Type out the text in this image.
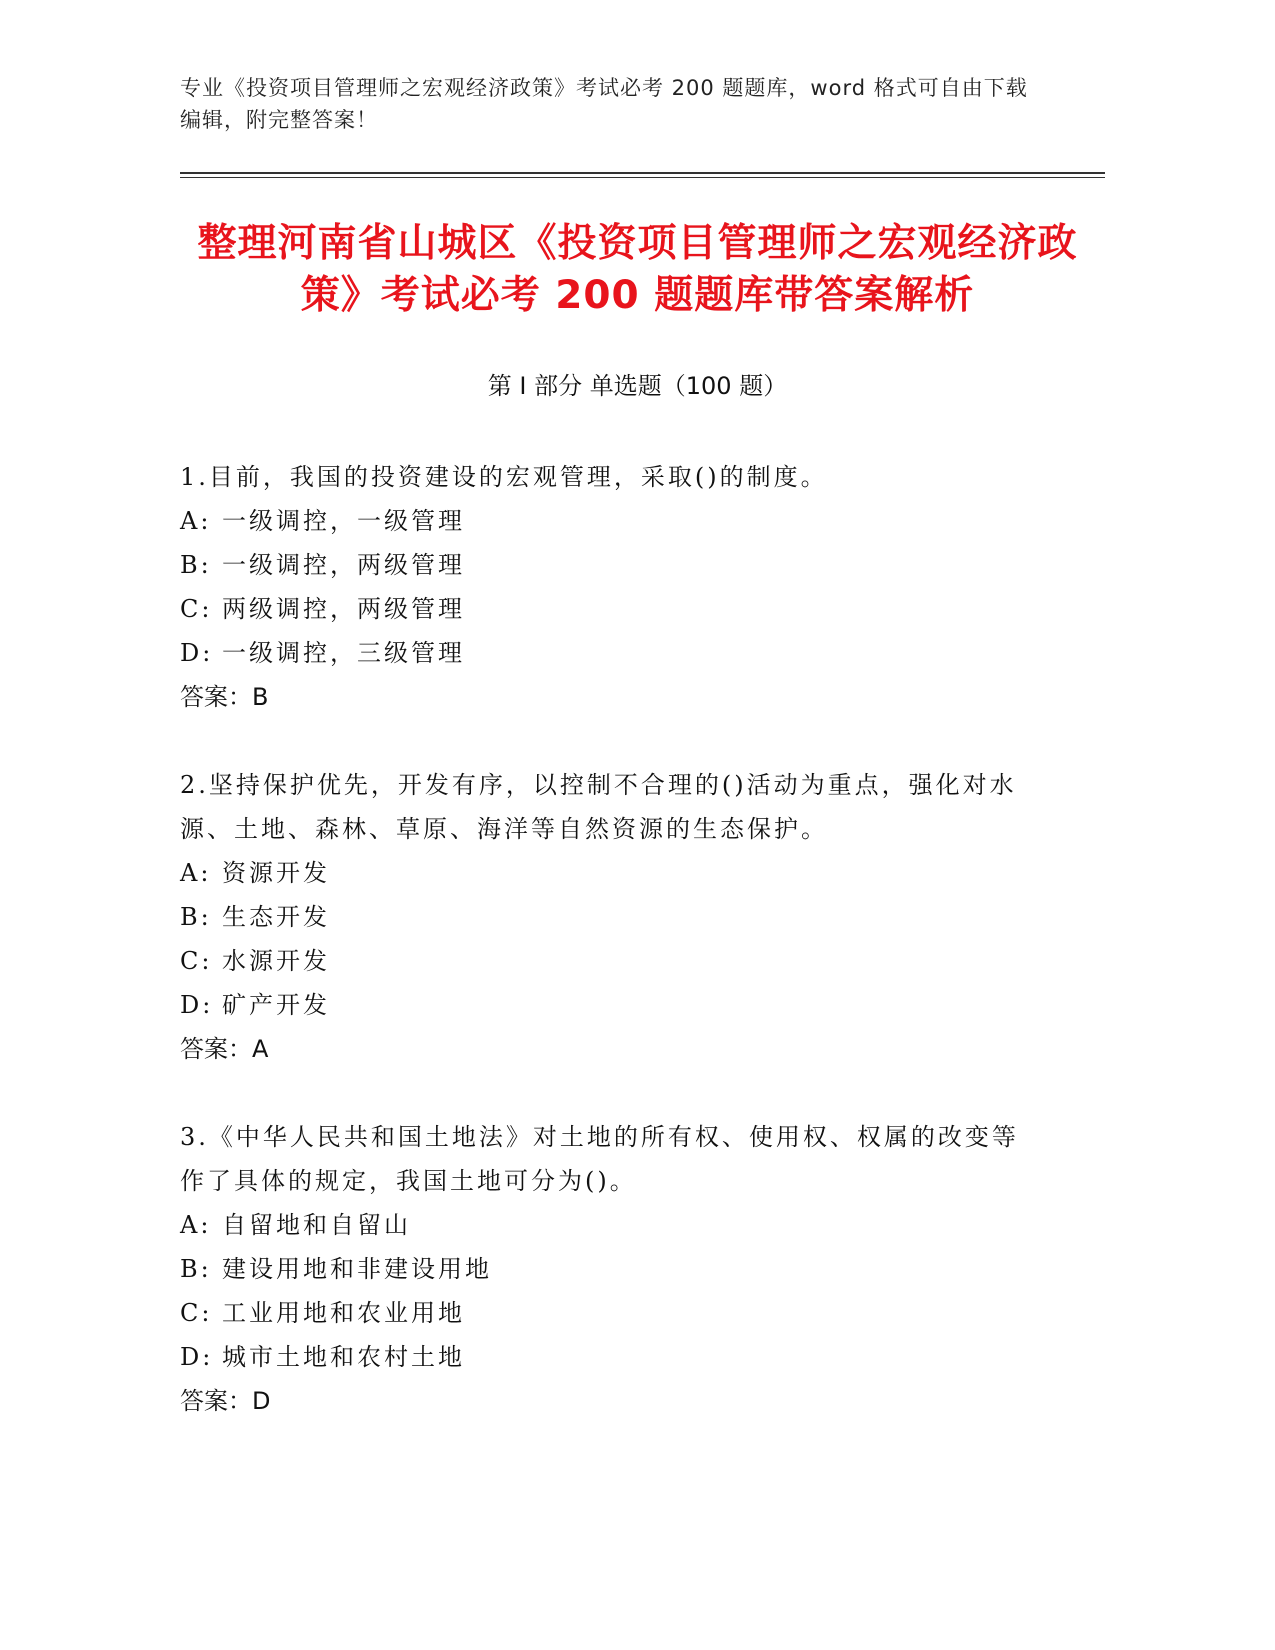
专业《投资项目管理师之宏观经济政策》考试必考 200 题题库，word 格式可自由下载编辑，附完整答案！
整理河南省山城区《投资项目管理师之宏观经济政策》考试必考 200 题题库带答案解析
第 I 部分 单选题（100 题）

1.目前，我国的投资建设的宏观管理，采取()的制度。

A: 一级调控，一级管理

B: 一级调控，两级管理

C: 两级调控，两级管理

D: 一级调控，三级管理

答案：B

2.坚持保护优先，开发有序，以控制不合理的()活动为重点，强化对水源、土地、森林、草原、海洋等自然资源的生态保护。

A: 资源开发

B: 生态开发

C: 水源开发

D: 矿产开发

答案：A

3.《中华人民共和国土地法》对土地的所有权、使用权、权属的改变等作了具体的规定，我国土地可分为()。

A: 自留地和自留山

B: 建设用地和非建设用地

C: 工业用地和农业用地

D: 城市土地和农村土地

答案：D
